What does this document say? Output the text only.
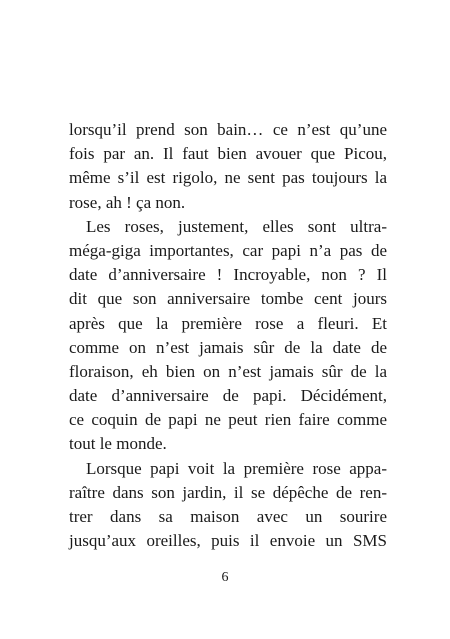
lorsqu’il prend son bain… ce n’est qu’une
fois par an. Il faut bien avouer que Picou,
même s’il est rigolo, ne sent pas toujours la
rose, ah ! ça non.
Les roses, justement, elles sont ultra-
méga-giga importantes, car papi n’a pas de
date d’anniversaire ! Incroyable, non ? Il
dit que son anniversaire tombe cent jours
après que la première rose a fleuri. Et
comme on n’est jamais sûr de la date de
floraison, eh bien on n’est jamais sûr de la
date d’anniversaire de papi. Décidément,
ce coquin de papi ne peut rien faire comme
tout le monde.
Lorsque papi voit la première rose appa-
raître dans son jardin, il se dépêche de ren-
trer dans sa maison avec un sourire
jusqu’aux oreilles, puis il envoie un SMS
6
